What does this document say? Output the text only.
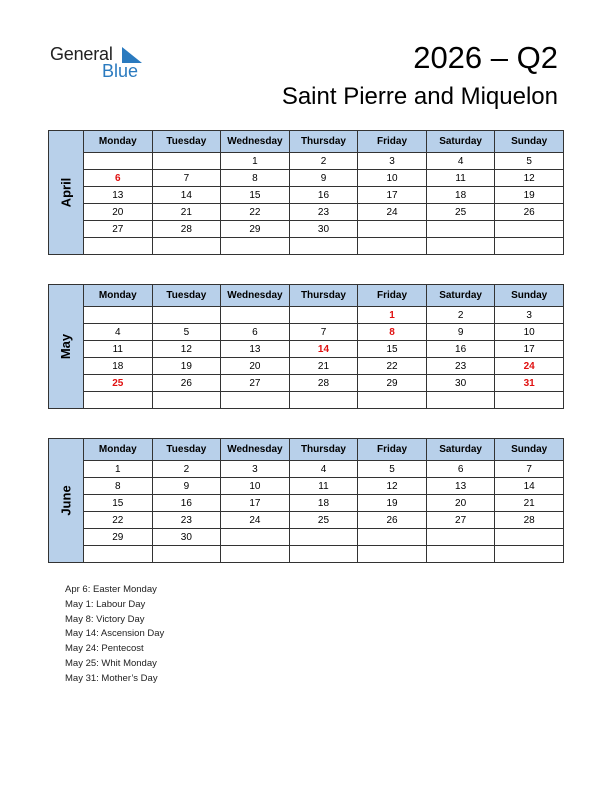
General
Blue	2026 – Q2
Saint Pierre and Miquelon
April	Monday	Tuesday	Wednesday	Thursday	Friday	Saturday	Sunday
			1	2	3	4	5
	6	7	8	9	10	11	12
	13	14	15	16	17	18	19
	20	21	22	23	24	25	26
	27	28	29	30			

May	Monday	Tuesday	Wednesday	Thursday	Friday	Saturday	Sunday
					1	2	3
	4	5	6	7	8	9	10
	11	12	13	14	15	16	17
	18	19	20	21	22	23	24
	25	26	27	28	29	30	31

June	Monday	Tuesday	Wednesday	Thursday	Friday	Saturday	Sunday
	1	2	3	4	5	6	7
	8	9	10	11	12	13	14
	15	16	17	18	19	20	21
	22	23	24	25	26	27	28
	29	30					

Apr 6: Easter Monday
May 1: Labour Day
May 8: Victory Day
May 14: Ascension Day
May 24: Pentecost
May 25: Whit Monday
May 31: Mother’s Day
